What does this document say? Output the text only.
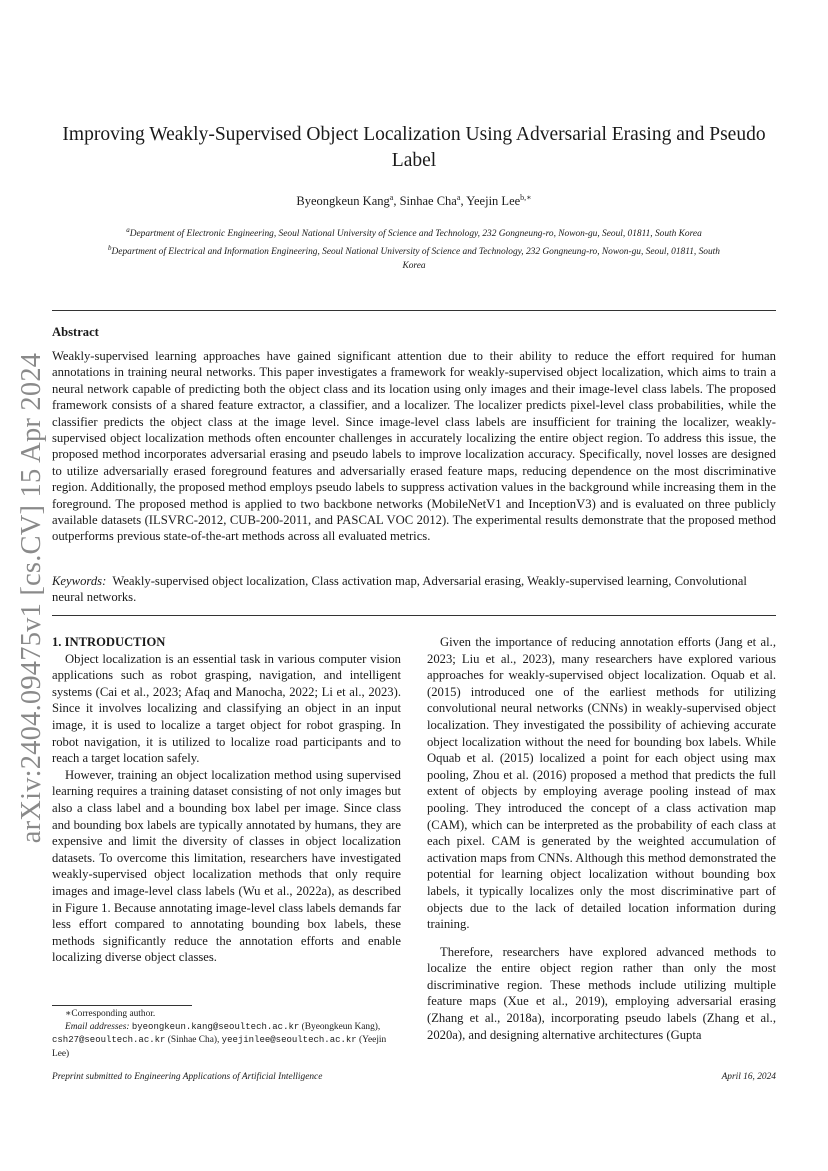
arXiv:2404.09475v1 [cs.CV] 15 Apr 2024
Improving Weakly-Supervised Object Localization Using Adversarial Erasing and Pseudo Label
Byeongkeun Kang$^a$, Sinhae Cha$^a$, Yeejin Lee$^{b,∗}$
$^a$Department of Electronic Engineering, Seoul National University of Science and Technology, 232 Gongneung-ro, Nowon-gu, Seoul, 01811, South Korea
$^b$Department of Electrical and Information Engineering, Seoul National University of Science and Technology, 232 Gongneung-ro, Nowon-gu, Seoul, 01811, South
Korea
Abstract
Weakly-supervised learning approaches have gained significant attention due to their ability to reduce the effort required for human annotations in training neural networks. This paper investigates a framework for weakly-supervised object localization, which aims to train a neural network capable of predicting both the object class and its location using only images and their image-level class labels. The proposed framework consists of a shared feature extractor, a classifier, and a localizer. The localizer predicts pixel-level class probabilities, while the classifier predicts the object class at the image level. Since image-level class labels are insufficient for training the localizer, weakly-supervised object localization methods often encounter challenges in accurately localizing the entire object region. To address this issue, the proposed method incorporates adversarial erasing and pseudo labels to improve localization accuracy. Specifically, novel losses are designed to utilize adversarially erased foreground features and adversarially erased feature maps, reducing dependence on the most discriminative region. Additionally, the proposed method employs pseudo labels to suppress activation values in the background while increasing them in the foreground. The proposed method is applied to two backbone networks (MobileNetV1 and InceptionV3) and is evaluated on three publicly available datasets (ILSVRC-2012, CUB-200-2011, and PASCAL VOC 2012). The experimental results demonstrate that the proposed method outperforms previous state-of-the-art methods across all evaluated metrics.
Keywords: Weakly-supervised object localization, Class activation map, Adversarial erasing, Weakly-supervised learning, Convolutional neural networks.

1. INTRODUCTION

Object localization is an essential task in various computer vision applications such as robot grasping, navigation, and intelligent systems (Cai et al., 2023; Afaq and Manocha, 2022; Li et al., 2023). Since it involves localizing and classifying an object in an input image, it is used to localize a target object for robot grasping. In robot navigation, it is utilized to localize road participants and to reach a target location safely.

However, training an object localization method using supervised learning requires a training dataset consisting of not only images but also a class label and a bounding box label per image. Since class and bounding box labels are typically annotated by humans, they are expensive and limit the diversity of classes in object localization datasets. To overcome this limitation, researchers have investigated weakly-supervised object localization methods that only require images and image-level class labels (Wu et al., 2022a), as described in Figure 1. Because annotating image-level class labels demands far less effort compared to annotating bounding box labels, these methods significantly reduce the annotation efforts and enable localizing diverse object classes.

Given the importance of reducing annotation efforts (Jang et al., 2023; Liu et al., 2023), many researchers have explored various approaches for weakly-supervised object localization. Oquab et al. (2015) introduced one of the earliest methods for utilizing convolutional neural networks (CNNs) in weakly-supervised object localization. They investigated the possibility of achieving accurate object localization without the need for bounding box labels. While Oquab et al. (2015) localized a point for each object using max pooling, Zhou et al. (2016) proposed a method that predicts the full extent of objects by employing average pooling instead of max pooling. They introduced the concept of a class activation map (CAM), which can be interpreted as the probability of each class at each pixel. CAM is generated by the weighted accumulation of activation maps from CNNs. Although this method demonstrated the potential for learning object localization without bounding box labels, it typically localizes only the most discriminative part of objects due to the lack of detailed location information during training.

Therefore, researchers have explored advanced methods to localize the entire object region rather than only the most discriminative region. These methods include utilizing multiple feature maps (Xue et al., 2019), employing adversarial erasing (Zhang et al., 2018a), incorporating pseudo labels (Zhang et al., 2020a), and designing alternative architectures (Gupta

∗Corresponding author.
Email addresses: byeongkeun.kang@seoultech.ac.kr (Byeongkeun Kang), csh27@seoultech.ac.kr (Sinhae Cha), yeejinlee@seoultech.ac.kr (Yeejin Lee)
Preprint submitted to Engineering Applications of Artificial Intelligence	April 16, 2024
